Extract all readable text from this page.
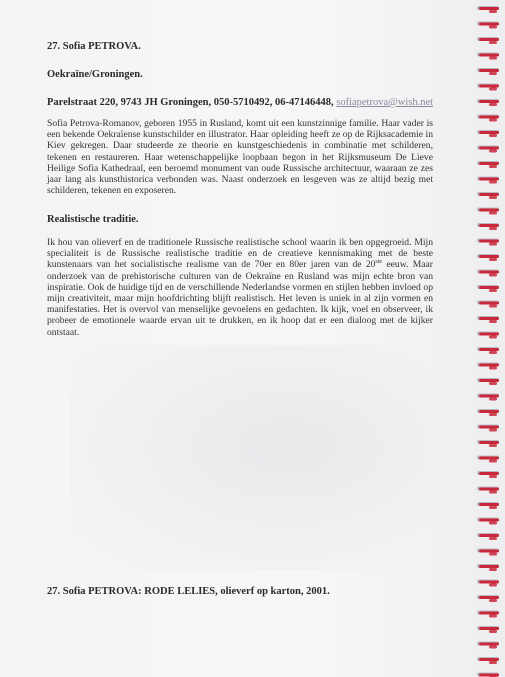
27. Sofia PETROVA.

Oekraïne/Groningen.

Parelstraat 220, 9743 JH Groningen, 050-5710492, 06-47146448, sofiapetrova@wish.net

Sofia Petrova-Romanov, geboren 1955 in Rusland, komt uit een kunstzinnige familie. Haar vader is een bekende Oekraïense kunstschilder en illustrator. Haar opleiding heeft ze op de Rijksacademie in Kiev gekregen. Daar studeerde ze theorie en kunstgeschiedenis in combinatie met schilderen, tekenen en restaureren. Haar wetenschappelijke loopbaan begon in het Rijksmuseum De Lieve Heilige Sofia Kathedraal, een beroemd monument van oude Russische architectuur, waaraan ze zes jaar lang als kunsthistorica verbonden was. Naast onderzoek en lesgeven was ze altijd bezig met schilderen, tekenen en exposeren.

Realistische traditie.

Ik hou van olieverf en de traditionele Russische realistische school waarin ik ben opgegroeid. Mijn specialiteit is de Russische realistische traditie en de creatieve kennismaking met de beste kunstenaars van het socialistische realisme van de 70er en 80er jaren van de 20ste eeuw. Maar onderzoek van de prehistorische culturen van de Oekraïne en Rusland was mijn echte bron van inspiratie. Ook de huidige tijd en de verschillende Nederlandse vormen en stijlen hebben invloed op mijn creativiteit, maar mijn hoofdrichting blijft realistisch. Het leven is uniek in al zijn vormen en manifestaties. Het is overvol van menselijke gevoelens en gedachten. Ik kijk, voel en observeer, ik probeer de emotionele waarde ervan uit te drukken, en ik hoop dat er een dialoog met de kijker ontstaat.

27. Sofia PETROVA: RODE LELIES, olieverf op karton, 2001.
